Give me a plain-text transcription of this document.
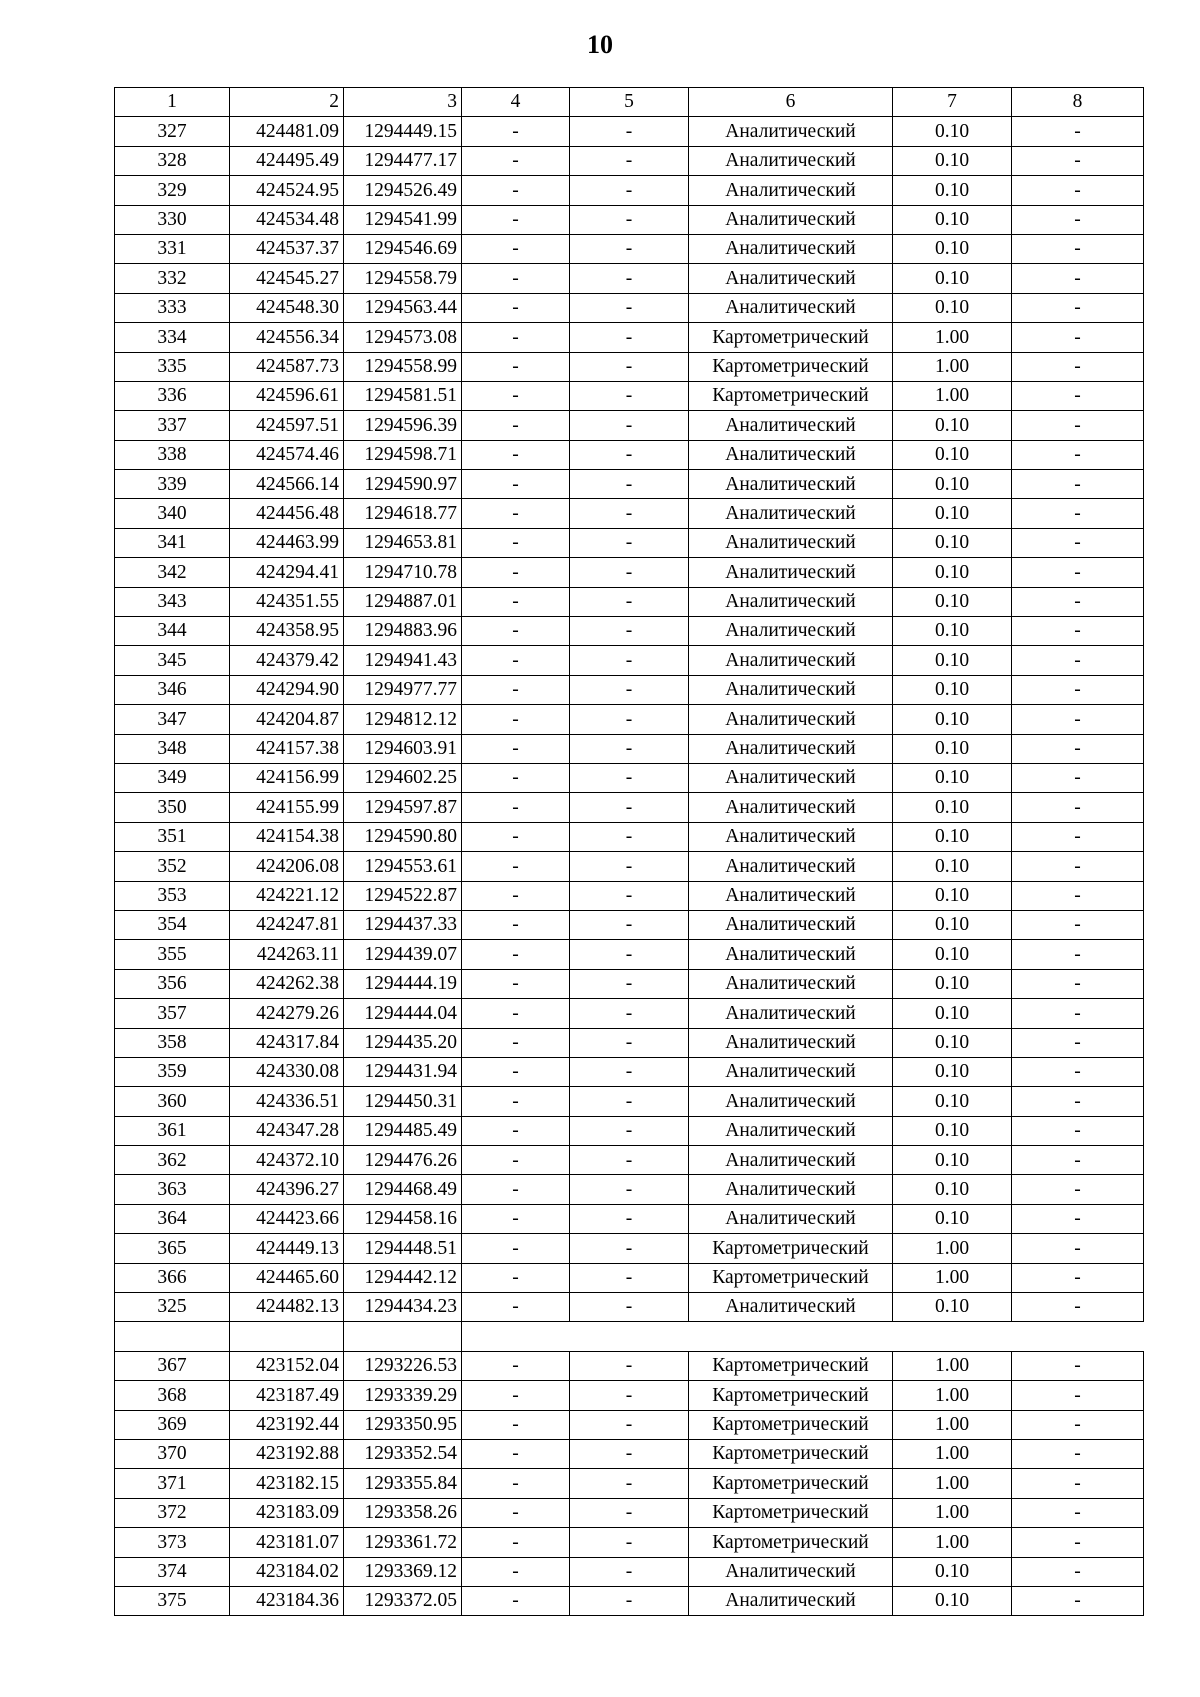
10
1	2	3	4	5	6	7	8
327	424481.09	1294449.15	-	-	Аналитический	0.10	-
328	424495.49	1294477.17	-	-	Аналитический	0.10	-
329	424524.95	1294526.49	-	-	Аналитический	0.10	-
330	424534.48	1294541.99	-	-	Аналитический	0.10	-
331	424537.37	1294546.69	-	-	Аналитический	0.10	-
332	424545.27	1294558.79	-	-	Аналитический	0.10	-
333	424548.30	1294563.44	-	-	Аналитический	0.10	-
334	424556.34	1294573.08	-	-	Картометрический	1.00	-
335	424587.73	1294558.99	-	-	Картометрический	1.00	-
336	424596.61	1294581.51	-	-	Картометрический	1.00	-
337	424597.51	1294596.39	-	-	Аналитический	0.10	-
338	424574.46	1294598.71	-	-	Аналитический	0.10	-
339	424566.14	1294590.97	-	-	Аналитический	0.10	-
340	424456.48	1294618.77	-	-	Аналитический	0.10	-
341	424463.99	1294653.81	-	-	Аналитический	0.10	-
342	424294.41	1294710.78	-	-	Аналитический	0.10	-
343	424351.55	1294887.01	-	-	Аналитический	0.10	-
344	424358.95	1294883.96	-	-	Аналитический	0.10	-
345	424379.42	1294941.43	-	-	Аналитический	0.10	-
346	424294.90	1294977.77	-	-	Аналитический	0.10	-
347	424204.87	1294812.12	-	-	Аналитический	0.10	-
348	424157.38	1294603.91	-	-	Аналитический	0.10	-
349	424156.99	1294602.25	-	-	Аналитический	0.10	-
350	424155.99	1294597.87	-	-	Аналитический	0.10	-
351	424154.38	1294590.80	-	-	Аналитический	0.10	-
352	424206.08	1294553.61	-	-	Аналитический	0.10	-
353	424221.12	1294522.87	-	-	Аналитический	0.10	-
354	424247.81	1294437.33	-	-	Аналитический	0.10	-
355	424263.11	1294439.07	-	-	Аналитический	0.10	-
356	424262.38	1294444.19	-	-	Аналитический	0.10	-
357	424279.26	1294444.04	-	-	Аналитический	0.10	-
358	424317.84	1294435.20	-	-	Аналитический	0.10	-
359	424330.08	1294431.94	-	-	Аналитический	0.10	-
360	424336.51	1294450.31	-	-	Аналитический	0.10	-
361	424347.28	1294485.49	-	-	Аналитический	0.10	-
362	424372.10	1294476.26	-	-	Аналитический	0.10	-
363	424396.27	1294468.49	-	-	Аналитический	0.10	-
364	424423.66	1294458.16	-	-	Аналитический	0.10	-
365	424449.13	1294448.51	-	-	Картометрический	1.00	-
366	424465.60	1294442.12	-	-	Картометрический	1.00	-
325	424482.13	1294434.23	-	-	Аналитический	0.10	-

367	423152.04	1293226.53	-	-	Картометрический	1.00	-
368	423187.49	1293339.29	-	-	Картометрический	1.00	-
369	423192.44	1293350.95	-	-	Картометрический	1.00	-
370	423192.88	1293352.54	-	-	Картометрический	1.00	-
371	423182.15	1293355.84	-	-	Картометрический	1.00	-
372	423183.09	1293358.26	-	-	Картометрический	1.00	-
373	423181.07	1293361.72	-	-	Картометрический	1.00	-
374	423184.02	1293369.12	-	-	Аналитический	0.10	-
375	423184.36	1293372.05	-	-	Аналитический	0.10	-
